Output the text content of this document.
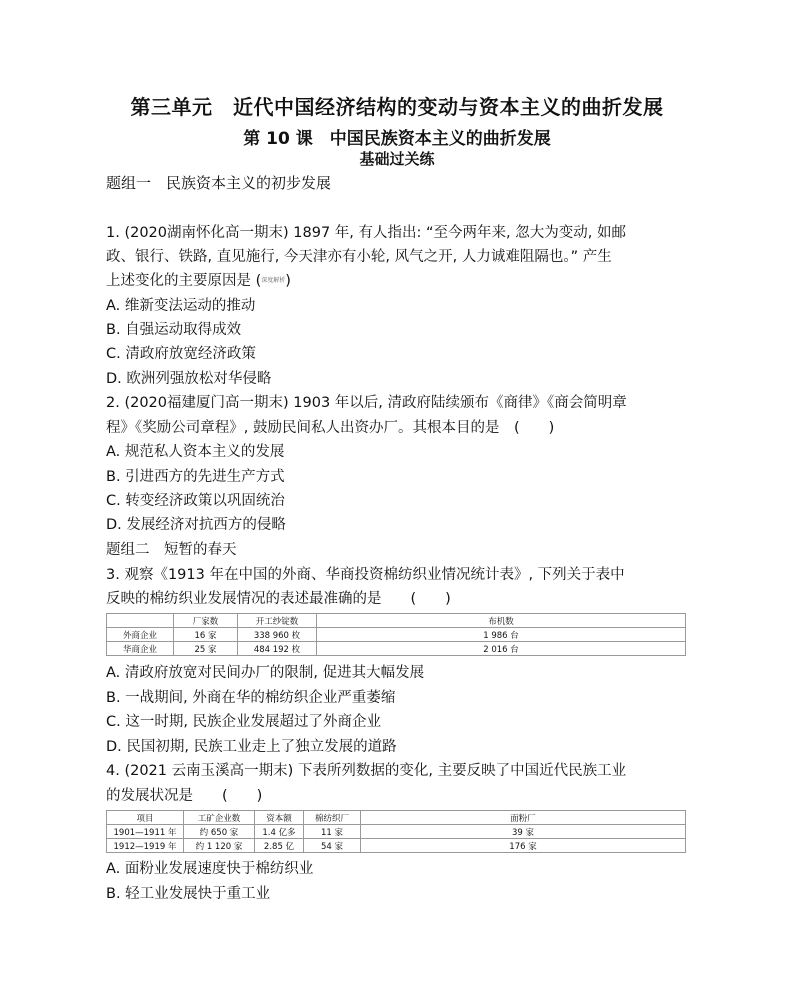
第三单元　近代中国经济结构的变动与资本主义的曲折发展
第 10 课　中国民族资本主义的曲折发展
基础过关练
题组一　民族资本主义的初步发展
1. (2020湖南怀化高一期末) 1897 年, 有人指出: “至今两年来, 忽大为变动, 如邮
政、银行、铁路, 直见施行, 今天津亦有小轮, 风气之开, 人力诚难阻隔也。” 产生
上述变化的主要原因是 (深度解析)
A. 维新变法运动的推动
B. 自强运动取得成效
C. 清政府放宽经济政策
D. 欧洲列强放松对华侵略
2. (2020福建厦门高一期末) 1903 年以后, 清政府陆续颁布《商律》《商会简明章
程》《奖励公司章程》, 鼓励民间私人出资办厂。其根本目的是　(　　)
A. 规范私人资本主义的发展
B. 引进西方的先进生产方式
C. 转变经济政策以巩固统治
D. 发展经济对抗西方的侵略
题组二　短暂的春天
3. 观察《1913 年在中国的外商、华商投资棉纺织业情况统计表》, 下列关于表中
反映的棉纺织业发展情况的表述最准确的是　　(　　)
	厂家数	开工纱锭数	布机数
外商企业	16 家	338 960 枚	1 986 台
华商企业	25 家	484 192 枚	2 016 台
A. 清政府放宽对民间办厂的限制, 促进其大幅发展
B. 一战期间, 外商在华的棉纺织企业严重萎缩
C. 这一时期, 民族企业发展超过了外商企业
D. 民国初期, 民族工业走上了独立发展的道路
4. (2021 云南玉溪高一期末) 下表所列数据的变化, 主要反映了中国近代民族工业
的发展状况是　　(　　)
项目	工矿企业数	资本额	棉纺织厂	面粉厂
1901—1911 年	约 650 家	1.4 亿多	11 家	39 家
1912—1919 年	约 1 120 家	2.85 亿	54 家	176 家
A. 面粉业发展速度快于棉纺织业
B. 轻工业发展快于重工业
